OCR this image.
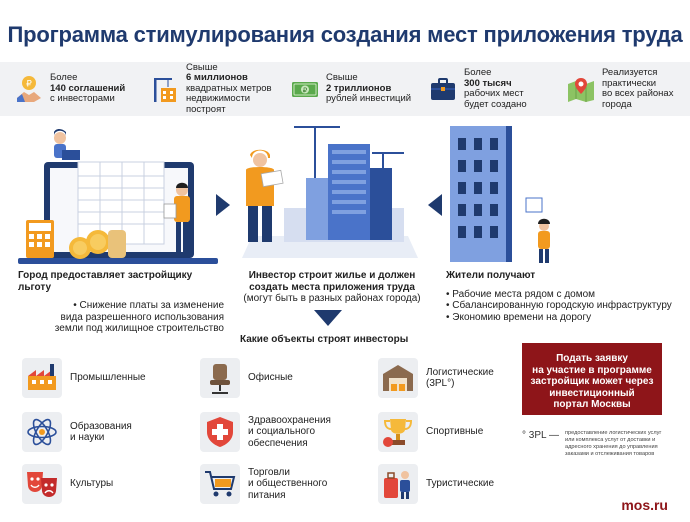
Программа стимулирования создания мест приложения труда
₽
Более
140 соглашений
с инвесторами
Свыше
6 миллионов
квадратных метров
недвижимости
построят
₽
Свыше
2 триллионов
рублей инвестиций
Более
300 тысяч
рабочих мест
будет создано
Реализуется
практически
во всех районах
города
Город предоставляет застройщику льготу
• Снижение платы за изменение
вида разрешенного использования
земли под жилищное строительство
Инвестор строит жилье и должен
создать места приложения труда
(могут быть в разных районах города)
Жители получают
• Рабочие места рядом с домом
• Сбалансированную городскую инфраструктуру
• Экономию времени на дорогу
Какие объекты строят инвесторы
Промышленные	Офисные
Логистические
(3PL°)
Образования
и науки
Здравоохранения
и социального
обеспечения
Спортивные
Культуры
Торговли
и общественного
питания
Туристические
Подать заявку
на участие в программе
застройщик может через
инвестиционный
портал Москвы
° 3PL — предоставление логистических услуг или комплекса услуг от доставки и адресного хранения до управления заказами и отслеживания товаров
mos.ru
